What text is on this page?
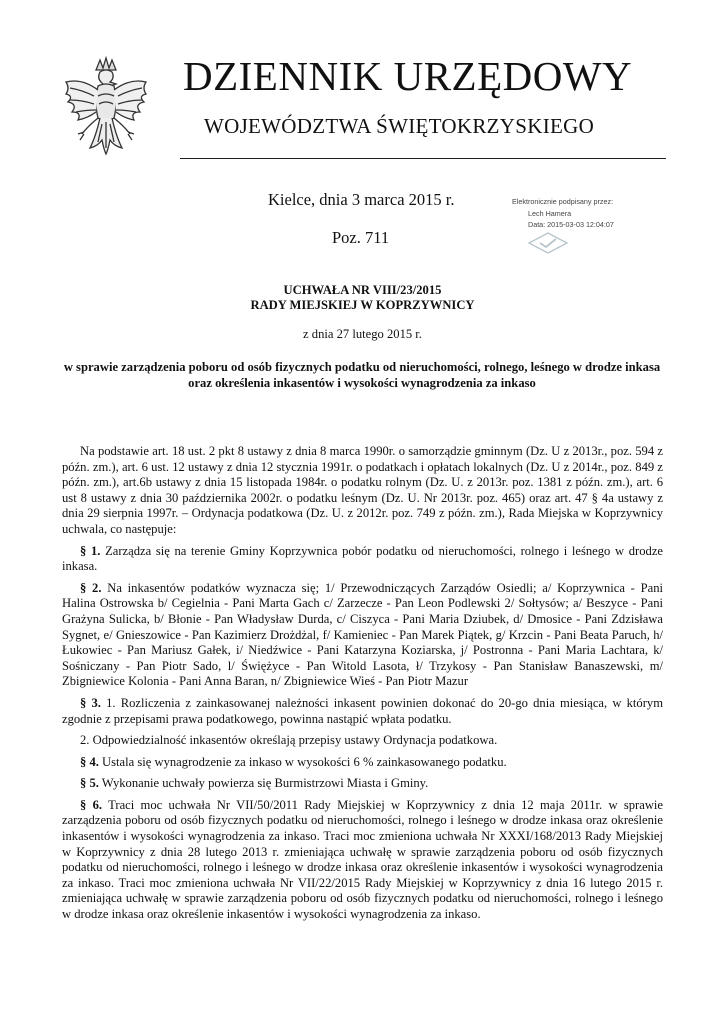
DZIENNIK URZĘDOWY
WOJEWÓDZTWA ŚWIĘTOKRZYSKIEGO
Kielce, dnia 3 marca 2015 r.
Poz. 711
Elektronicznie podpisany przez:
Lech Hamera
Data: 2015-03-03 12:04:07
UCHWAŁA NR VIII/23/2015
RADY MIEJSKIEJ W KOPRZYWNICY
z dnia 27 lutego 2015 r.
w sprawie zarządzenia poboru od osób fizycznych podatku od nieruchomości, rolnego, leśnego w drodze inkasa oraz określenia inkasentów i wysokości wynagrodzenia za inkaso

Na podstawie art. 18 ust. 2 pkt 8 ustawy z dnia 8 marca 1990r. o samorządzie gminnym (Dz. U z 2013r., poz. 594 z późn. zm.), art. 6 ust. 12 ustawy z dnia 12 stycznia 1991r. o podatkach i opłatach lokalnych (Dz. U z 2014r., poz. 849 z późn. zm.), art.6b ustawy z dnia 15 listopada 1984r. o podatku rolnym (Dz. U. z 2013r. poz. 1381 z późn. zm.), art. 6 ust 8 ustawy z dnia 30 października 2002r. o podatku leśnym (Dz. U. Nr 2013r. poz. 465) oraz art. 47 § 4a ustawy z dnia 29 sierpnia 1997r. – Ordynacja podatkowa (Dz. U. z 2012r. poz. 749 z późn. zm.), Rada Miejska w Koprzywnicy uchwala, co następuje:

§ 1. Zarządza się na terenie Gminy Koprzywnica pobór podatku od nieruchomości, rolnego i leśnego w drodze inkasa.

§ 2. Na inkasentów podatków wyznacza się; 1/ Przewodniczących Zarządów Osiedli; a/ Koprzywnica - Pani Halina Ostrowska b/ Cegielnia - Pani Marta Gach c/ Zarzecze - Pan Leon Podlewski 2/ Sołtysów; a/ Beszyce - Pani Grażyna Sulicka, b/ Błonie - Pan Władysław Durda, c/ Ciszyca - Pani Maria Dziubek, d/ Dmosice - Pani Zdzisława Sygnet, e/ Gnieszowice - Pan Kazimierz Drożdżal, f/ Kamieniec - Pan Marek Piątek, g/ Krzcin - Pani Beata Paruch, h/ Łukowiec - Pan Mariusz Gałek, i/ Niedźwice - Pani Katarzyna Koziarska, j/ Postronna - Pani Maria Lachtara, k/ Sośniczany - Pan Piotr Sado, l/ Świężyce - Pan Witold Lasota, ł/ Trzykosy - Pan Stanisław Banaszewski, m/ Zbigniewice Kolonia - Pani Anna Baran, n/ Zbigniewice Wieś - Pan Piotr Mazur

§ 3. 1. Rozliczenia z zainkasowanej należności inkasent powinien dokonać do 20-go dnia miesiąca, w którym zgodnie z przepisami prawa podatkowego, powinna nastąpić wpłata podatku.

2. Odpowiedzialność inkasentów określają przepisy ustawy Ordynacja podatkowa.

§ 4. Ustala się wynagrodzenie za inkaso w wysokości 6 % zainkasowanego podatku.

§ 5. Wykonanie uchwały powierza się Burmistrzowi Miasta i Gminy.

§ 6. Traci moc uchwała Nr VII/50/2011 Rady Miejskiej w Koprzywnicy z dnia 12 maja 2011r. w sprawie zarządzenia poboru od osób fizycznych podatku od nieruchomości, rolnego i leśnego w drodze inkasa oraz określenie inkasentów i wysokości wynagrodzenia za inkaso. Traci moc zmieniona uchwała Nr XXXI/168/2013 Rady Miejskiej w Koprzywnicy z dnia 28 lutego 2013 r. zmieniająca uchwałę w sprawie zarządzenia poboru od osób fizycznych podatku od nieruchomości, rolnego i leśnego w drodze inkasa oraz określenie inkasentów i wysokości wynagrodzenia za inkaso. Traci moc zmieniona uchwała Nr VII/22/2015 Rady Miejskiej w Koprzywnicy z dnia 16 lutego 2015 r. zmieniająca uchwałę w sprawie zarządzenia poboru od osób fizycznych podatku od nieruchomości, rolnego i leśnego w drodze inkasa oraz określenie inkasentów i wysokości wynagrodzenia za inkaso.
